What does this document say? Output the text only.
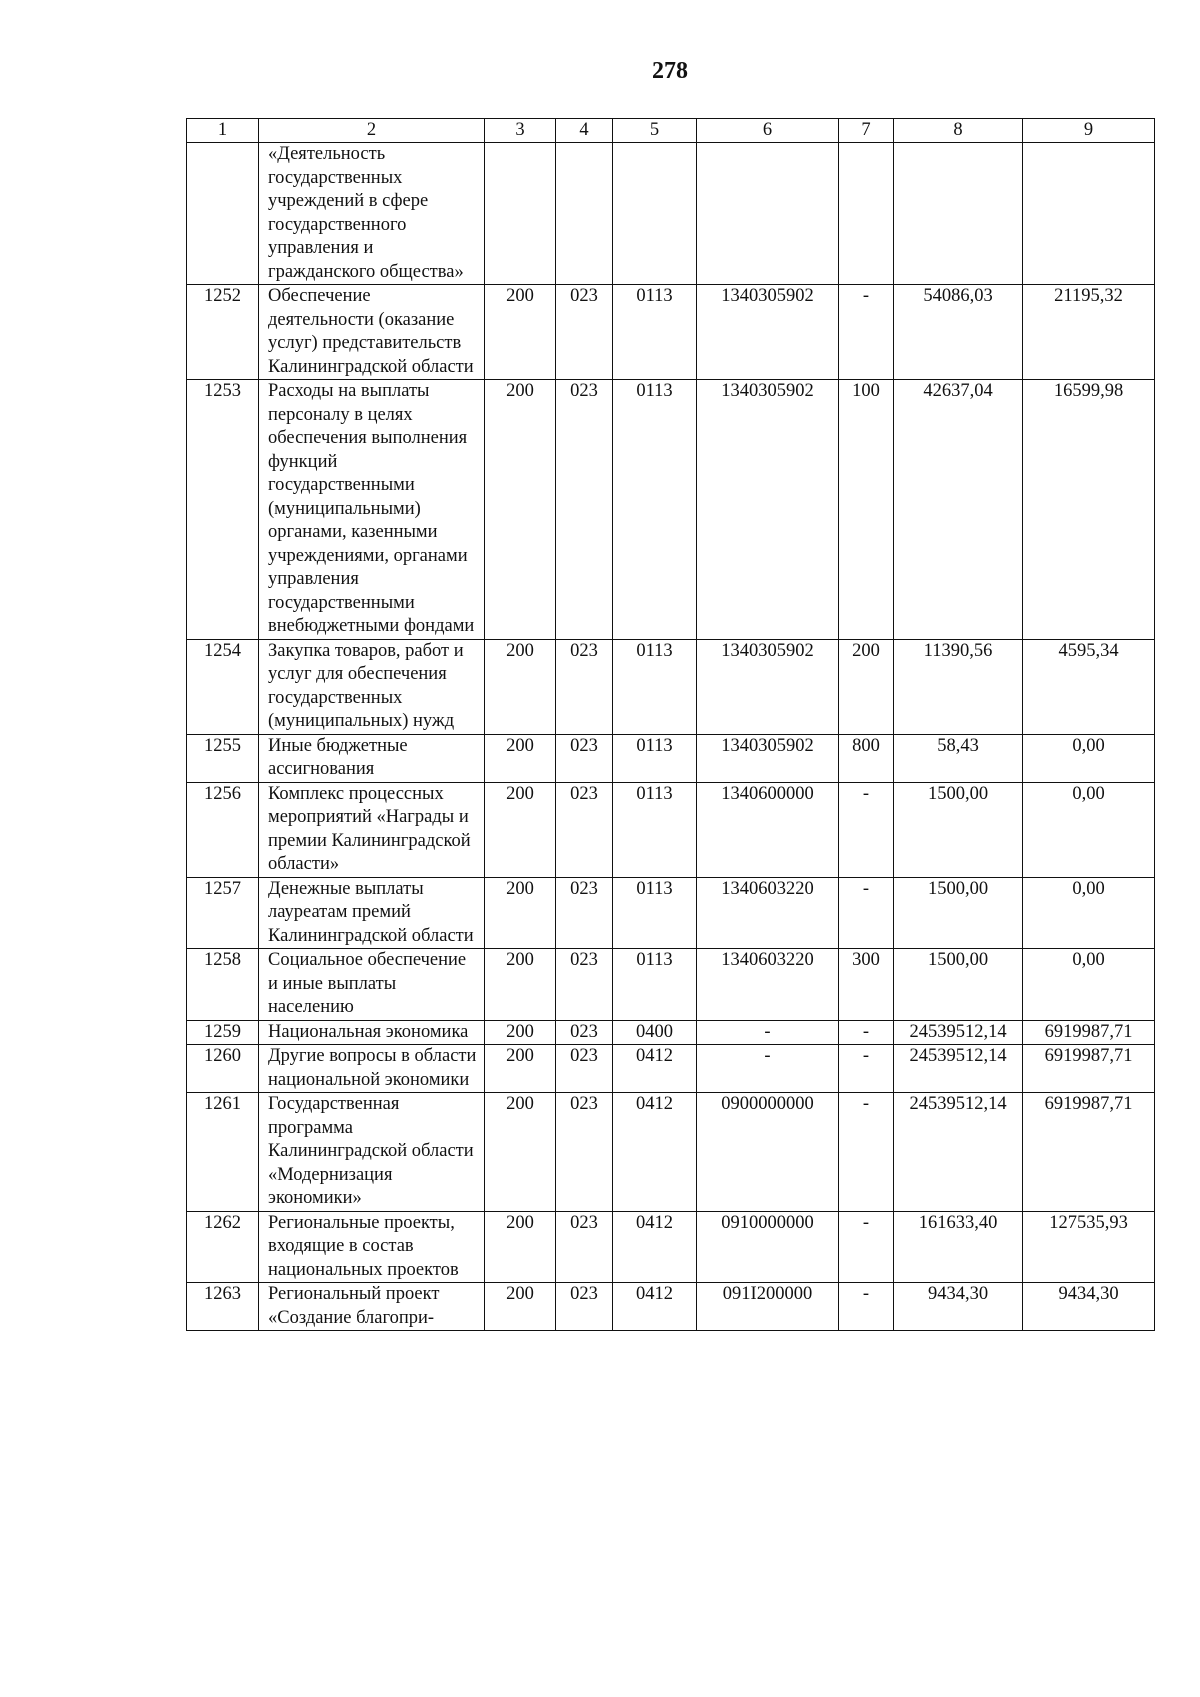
278
1	2	3	4	5	6	7	8	9
	«Деятельность государственных учреждений в сфере государственного управления и гражданского общества»							
1252	Обеспечение деятельности (оказание услуг) представительств Калининградской области	200	023	0113	1340305902	-	54086,03	21195,32
1253	Расходы на выплаты персоналу в целях обеспечения выполнения функций государственными (муниципальными) органами, казенными учреждениями, органами управления государственными внебюджетными фондами	200	023	0113	1340305902	100	42637,04	16599,98
1254	Закупка товаров, работ и услуг для обеспечения государственных (муниципальных) нужд	200	023	0113	1340305902	200	11390,56	4595,34
1255	Иные бюджетные ассигнования	200	023	0113	1340305902	800	58,43	0,00
1256	Комплекс процессных мероприятий «Награды и премии Калининградской области»	200	023	0113	1340600000	-	1500,00	0,00
1257	Денежные выплаты лауреатам премий Калининградской области	200	023	0113	1340603220	-	1500,00	0,00
1258	Социальное обеспечение и иные выплаты населению	200	023	0113	1340603220	300	1500,00	0,00
1259	Национальная экономика	200	023	0400	-	-	24539512,14	6919987,71
1260	Другие вопросы в области национальной экономики	200	023	0412	-	-	24539512,14	6919987,71
1261	Государственная программа Калининградской области «Модернизация экономики»	200	023	0412	0900000000	-	24539512,14	6919987,71
1262	Региональные проекты, входящие в состав национальных проектов	200	023	0412	0910000000	-	161633,40	127535,93
1263	Региональный проект «Создание благопри-	200	023	0412	091I200000	-	9434,30	9434,30
